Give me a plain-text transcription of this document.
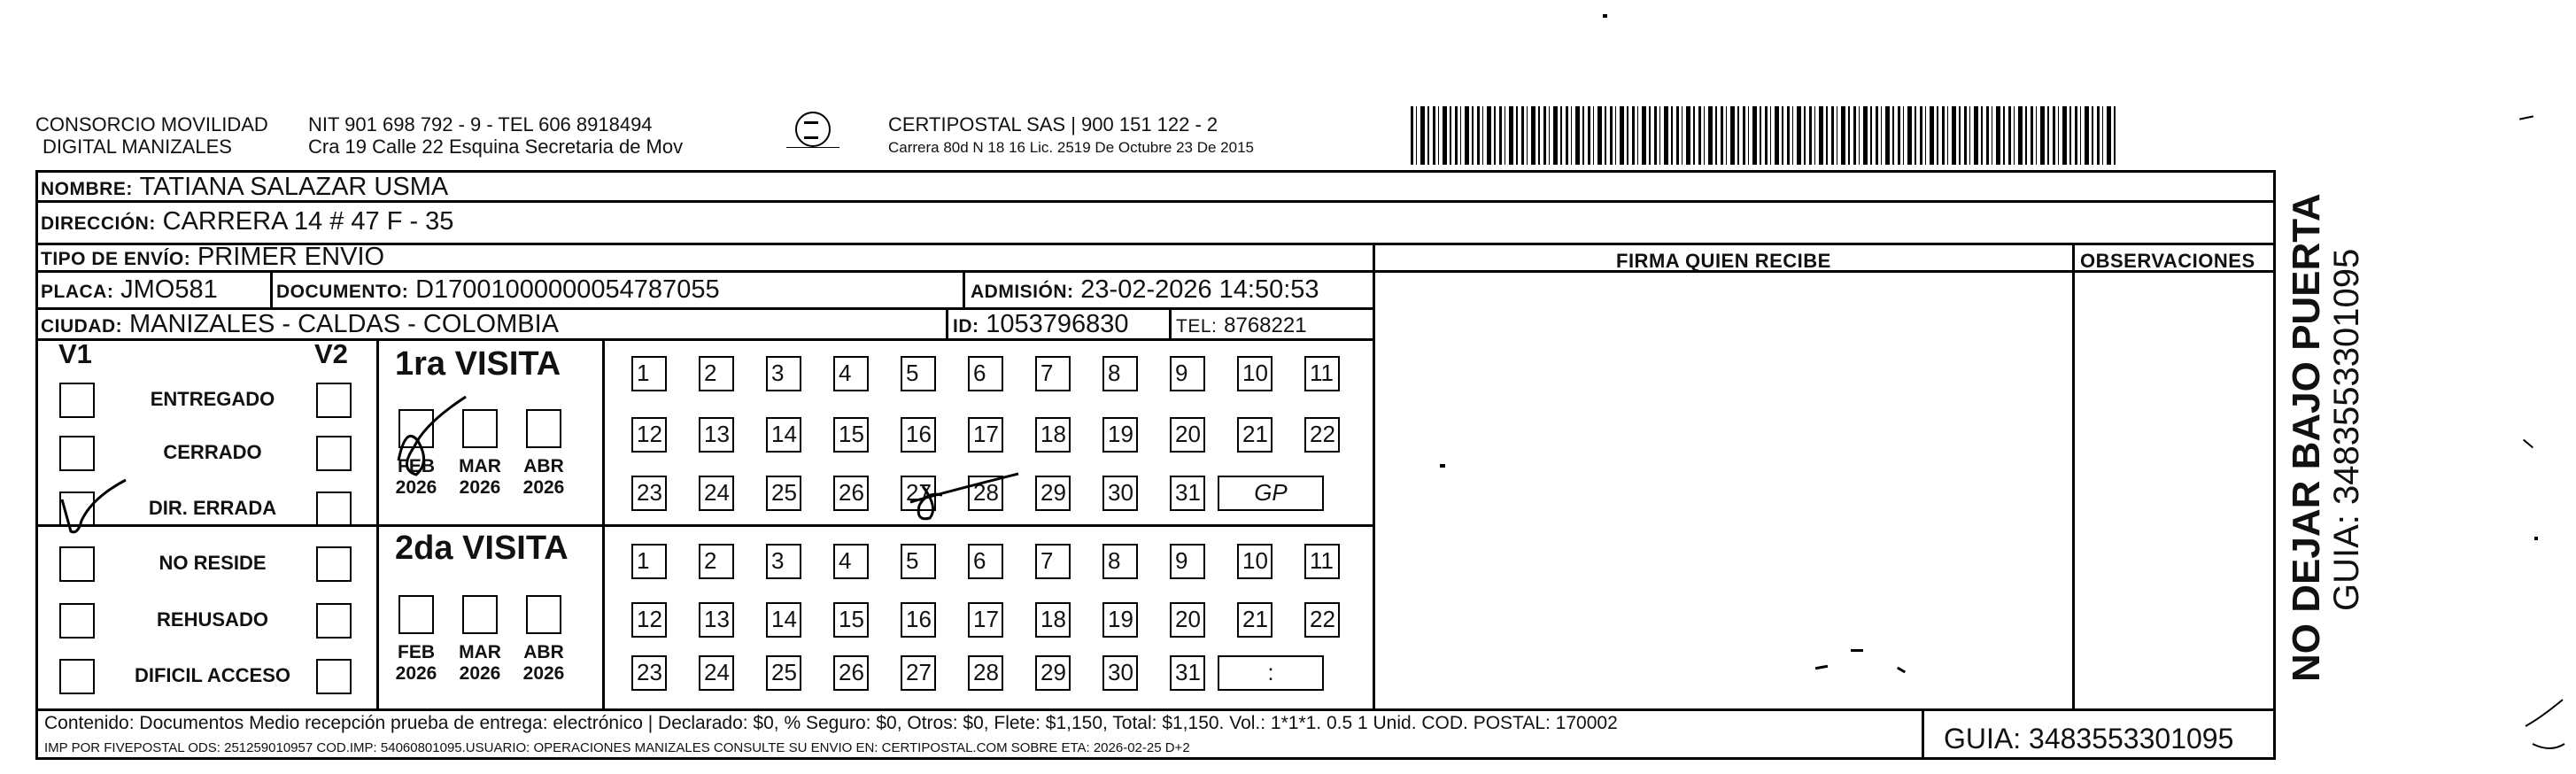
CONSORCIO MOVILIDAD
DIGITAL MANIZALES
NIT 901 698 792 - 9 - TEL 606 8918494
Cra 19 Calle 22 Esquina Secretaria de Mov
CERTIPOSTAL SAS | 900 151 122 - 2
Carrera 80d N 18 16 Lic. 2519 De Octubre 23 De 2015
NOMBRE: TATIANA SALAZAR USMA
DIRECCIÓN: CARRERA 14 # 47 F - 35
TIPO DE ENVÍO: PRIMER ENVIO	FIRMA QUIEN RECIBE	OBSERVACIONES
PLACA: JMO581	DOCUMENTO: D17001000000054787055	ADMISIÓN: 23-02-2026 14:50:53
CIUDAD: MANIZALES - CALDAS - COLOMBIA	ID: 1053796830	TEL: 8768221
V1	V2
ENTREGADO
CERRADO
DIR. ERRADA
NO RESIDE
REHUSADO
DIFICIL ACCESO
1ra VISITA
2da VISITA
FEB
2026
MAR
2026
ABR
2026
FEB
2026
MAR
2026
ABR
2026
1	2	3	4	5	6	7	8	9	10 11
12 13 14 15 16 17 18 19 20 21 22
23 24 25 26 27 28 29 30 31	GP
1	2	3	4	5	6	7	8	9	10 11
12 13 14 15 16 17 18 19 20 21 22
23 24 25 26 27 28 29 30 31	:
Contenido: Documentos Medio recepción prueba de entrega: electrónico | Declarado: $0, % Seguro: $0, Otros: $0, Flete: $1,150, Total: $1,150. Vol.: 1*1*1. 0.5 1 Unid. COD. POSTAL: 170002
IMP POR FIVEPOSTAL ODS: 251259010957 COD.IMP: 54060801095.USUARIO: OPERACIONES MANIZALES CONSULTE SU ENVIO EN: CERTIPOSTAL.COM SOBRE ETA: 2026-02-25 D+2	GUIA: 3483553301095
NO DEJAR BAJO PUERTA GUIA: 3483553301095
